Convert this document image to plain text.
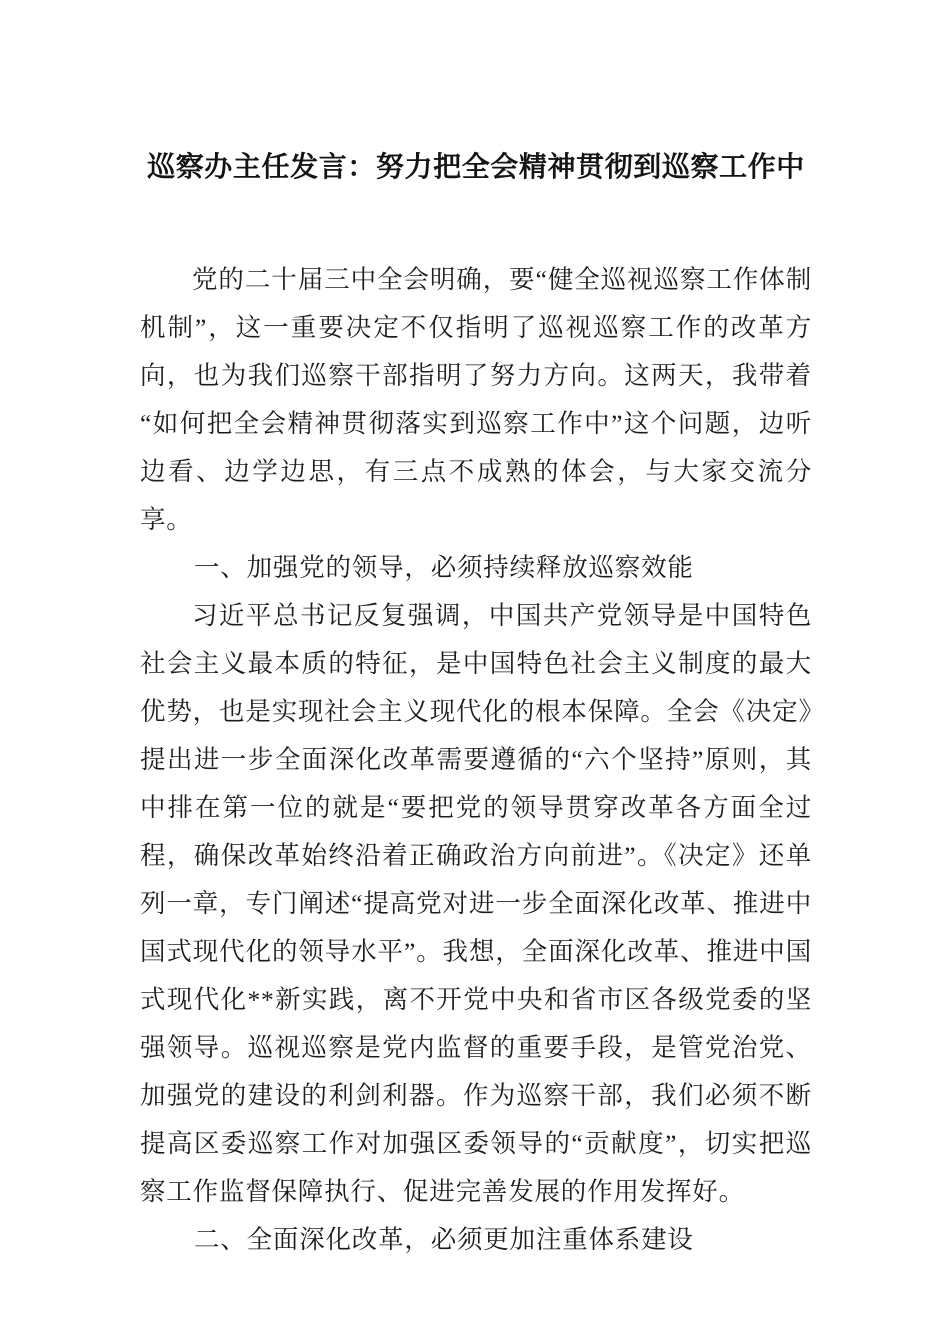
巡察办主任发言：努力把全会精神贯彻到巡察工作中

党的二十届三中全会明确，要“健全巡视巡察工作体制机制”，这一重要决定不仅指明了巡视巡察工作的改革方向，也为我们巡察干部指明了努力方向。这两天，我带着“如何把全会精神贯彻落实到巡察工作中”这个问题，边听边看、边学边思，有三点不成熟的体会，与大家交流分享。

一、加强党的领导，必须持续释放巡察效能

习近平总书记反复强调，中国共产党领导是中国特色社会主义最本质的特征，是中国特色社会主义制度的最大优势，也是实现社会主义现代化的根本保障。全会《决定》提出进一步全面深化改革需要遵循的“六个坚持”原则，其中排在第一位的就是“要把党的领导贯穿改革各方面全过程，确保改革始终沿着正确政治方向前进”。《决定》还单列一章，专门阐述“提高党对进一步全面深化改革、推进中国式现代化的领导水平”。我想，全面深化改革、推进中国式现代化**新实践，离不开党中央和省市区各级党委的坚强领导。巡视巡察是党内监督的重要手段，是管党治党、加强党的建设的利剑利器。作为巡察干部，我们必须不断提高区委巡察工作对加强区委领导的“贡献度”，切实把巡察工作监督保障执行、促进完善发展的作用发挥好。

二、全面深化改革，必须更加注重体系建设
